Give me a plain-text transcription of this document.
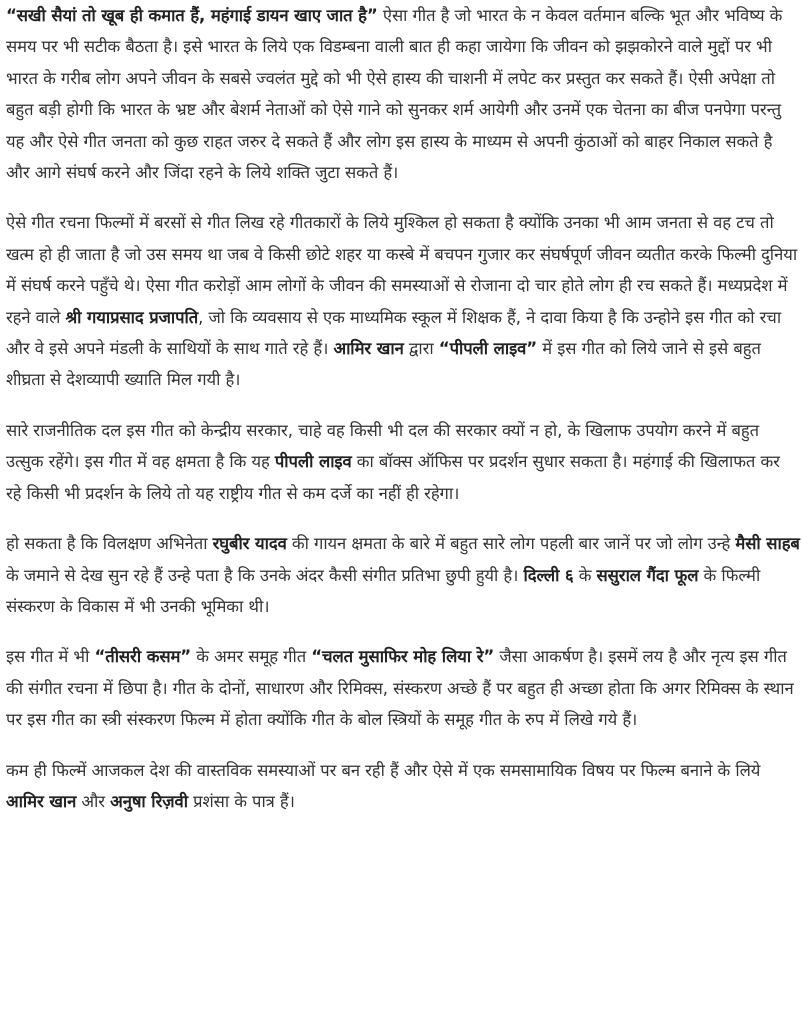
“सखी सैयां तो खूब ही कमात हैं, महंगाई डायन खाए जात है” ऐसा गीत है जो भारत के न केवल वर्तमान बल्कि भूत और भविष्य के समय पर भी सटीक बैठता है। इसे भारत के लिये एक विडम्बना वाली बात ही कहा जायेगा कि जीवन को झझकोरने वाले मुद्दों पर भी भारत के गरीब लोग अपने जीवन के सबसे ज्वलंत मुद्दे को भी ऐसे हास्य की चाशनी में लपेट कर प्रस्तुत कर सकते हैं। ऐसी अपेक्षा तो बहुत बड़ी होगी कि भारत के भ्रष्ट और बेशर्म नेताओं को ऐसे गाने को सुनकर शर्म आयेगी और उनमें एक चेतना का बीज पनपेगा परन्तु यह और ऐसे गीत जनता को कुछ राहत जरुर दे सकते हैं और लोग इस हास्य के माध्यम से अपनी कुंठाओं को बाहर निकाल सकते है और आगे संघर्ष करने और जिंदा रहने के लिये शक्ति जुटा सकते हैं।

ऐसे गीत रचना फिल्मों में बरसों से गीत लिख रहे गीतकारों के लिये मुश्किल हो सकता है क्योंकि उनका भी आम जनता से वह टच तो खत्म हो ही जाता है जो उस समय था जब वे किसी छोटे शहर या कस्बे में बचपन गुजार कर संघर्षपूर्ण जीवन व्यतीत करके फिल्मी दुनिया में संघर्ष करने पहुँचे थे। ऐसा गीत करोड़ों आम लोगों के जीवन की समस्याओं से रोजाना दो चार होते लोग ही रच सकते हैं। मध्यप्रदेश में रहने वाले श्री गयाप्रसाद प्रजापति, जो कि व्यवसाय से एक माध्यमिक स्कूल में शिक्षक हैं, ने दावा किया है कि उन्होने इस गीत को रचा और वे इसे अपने मंडली के साथियों के साथ गाते रहे हैं। आमिर खान द्वारा “पीपली लाइव” में इस गीत को लिये जाने से इसे बहुत शीघ्रता से देशव्यापी ख्याति मिल गयी है।

सारे राजनीतिक दल इस गीत को केन्द्रीय सरकार, चाहे वह किसी भी दल की सरकार क्यों न हो, के खिलाफ उपयोग करने में बहुत उत्सुक रहेंगे। इस गीत में वह क्षमता है कि यह पीपली लाइव का बॉक्स ऑफिस पर प्रदर्शन सुधार सकता है। महंगाई की खिलाफत कर रहे किसी भी प्रदर्शन के लिये तो यह राष्ट्रीय गीत से कम दर्जे का नहीं ही रहेगा।

हो सकता है कि विलक्षण अभिनेता रघुबीर यादव की गायन क्षमता के बारे में बहुत सारे लोग पहली बार जानें पर जो लोग उन्हे मैसी साहब के जमाने से देख सुन रहे हैं उन्हे पता है कि उनके अंदर कैसी संगीत प्रतिभा छुपी हुयी है। दिल्ली ६ के ससुराल गैंदा फूल के फिल्मी संस्करण के विकास में भी उनकी भूमिका थी।

इस गीत में भी “तीसरी कसम” के अमर समूह गीत “चलत मुसाफिर मोह लिया रे” जैसा आकर्षण है। इसमें लय है और नृत्य इस गीत की संगीत रचना में छिपा है। गीत के दोनों, साधारण और रिमिक्स, संस्करण अच्छे हैं पर बहुत ही अच्छा होता कि अगर रिमिक्स के स्थान पर इस गीत का स्त्री संस्करण फिल्म में होता क्योंकि गीत के बोल स्त्रियों के समूह गीत के रुप में लिखे गये हैं।

कम ही फिल्में आजकल देश की वास्तविक समस्याओं पर बन रही हैं और ऐसे में एक समसामायिक विषय पर फिल्म बनाने के लिये आमिर खान और अनुषा रिज़वी प्रशंसा के पात्र हैं।
